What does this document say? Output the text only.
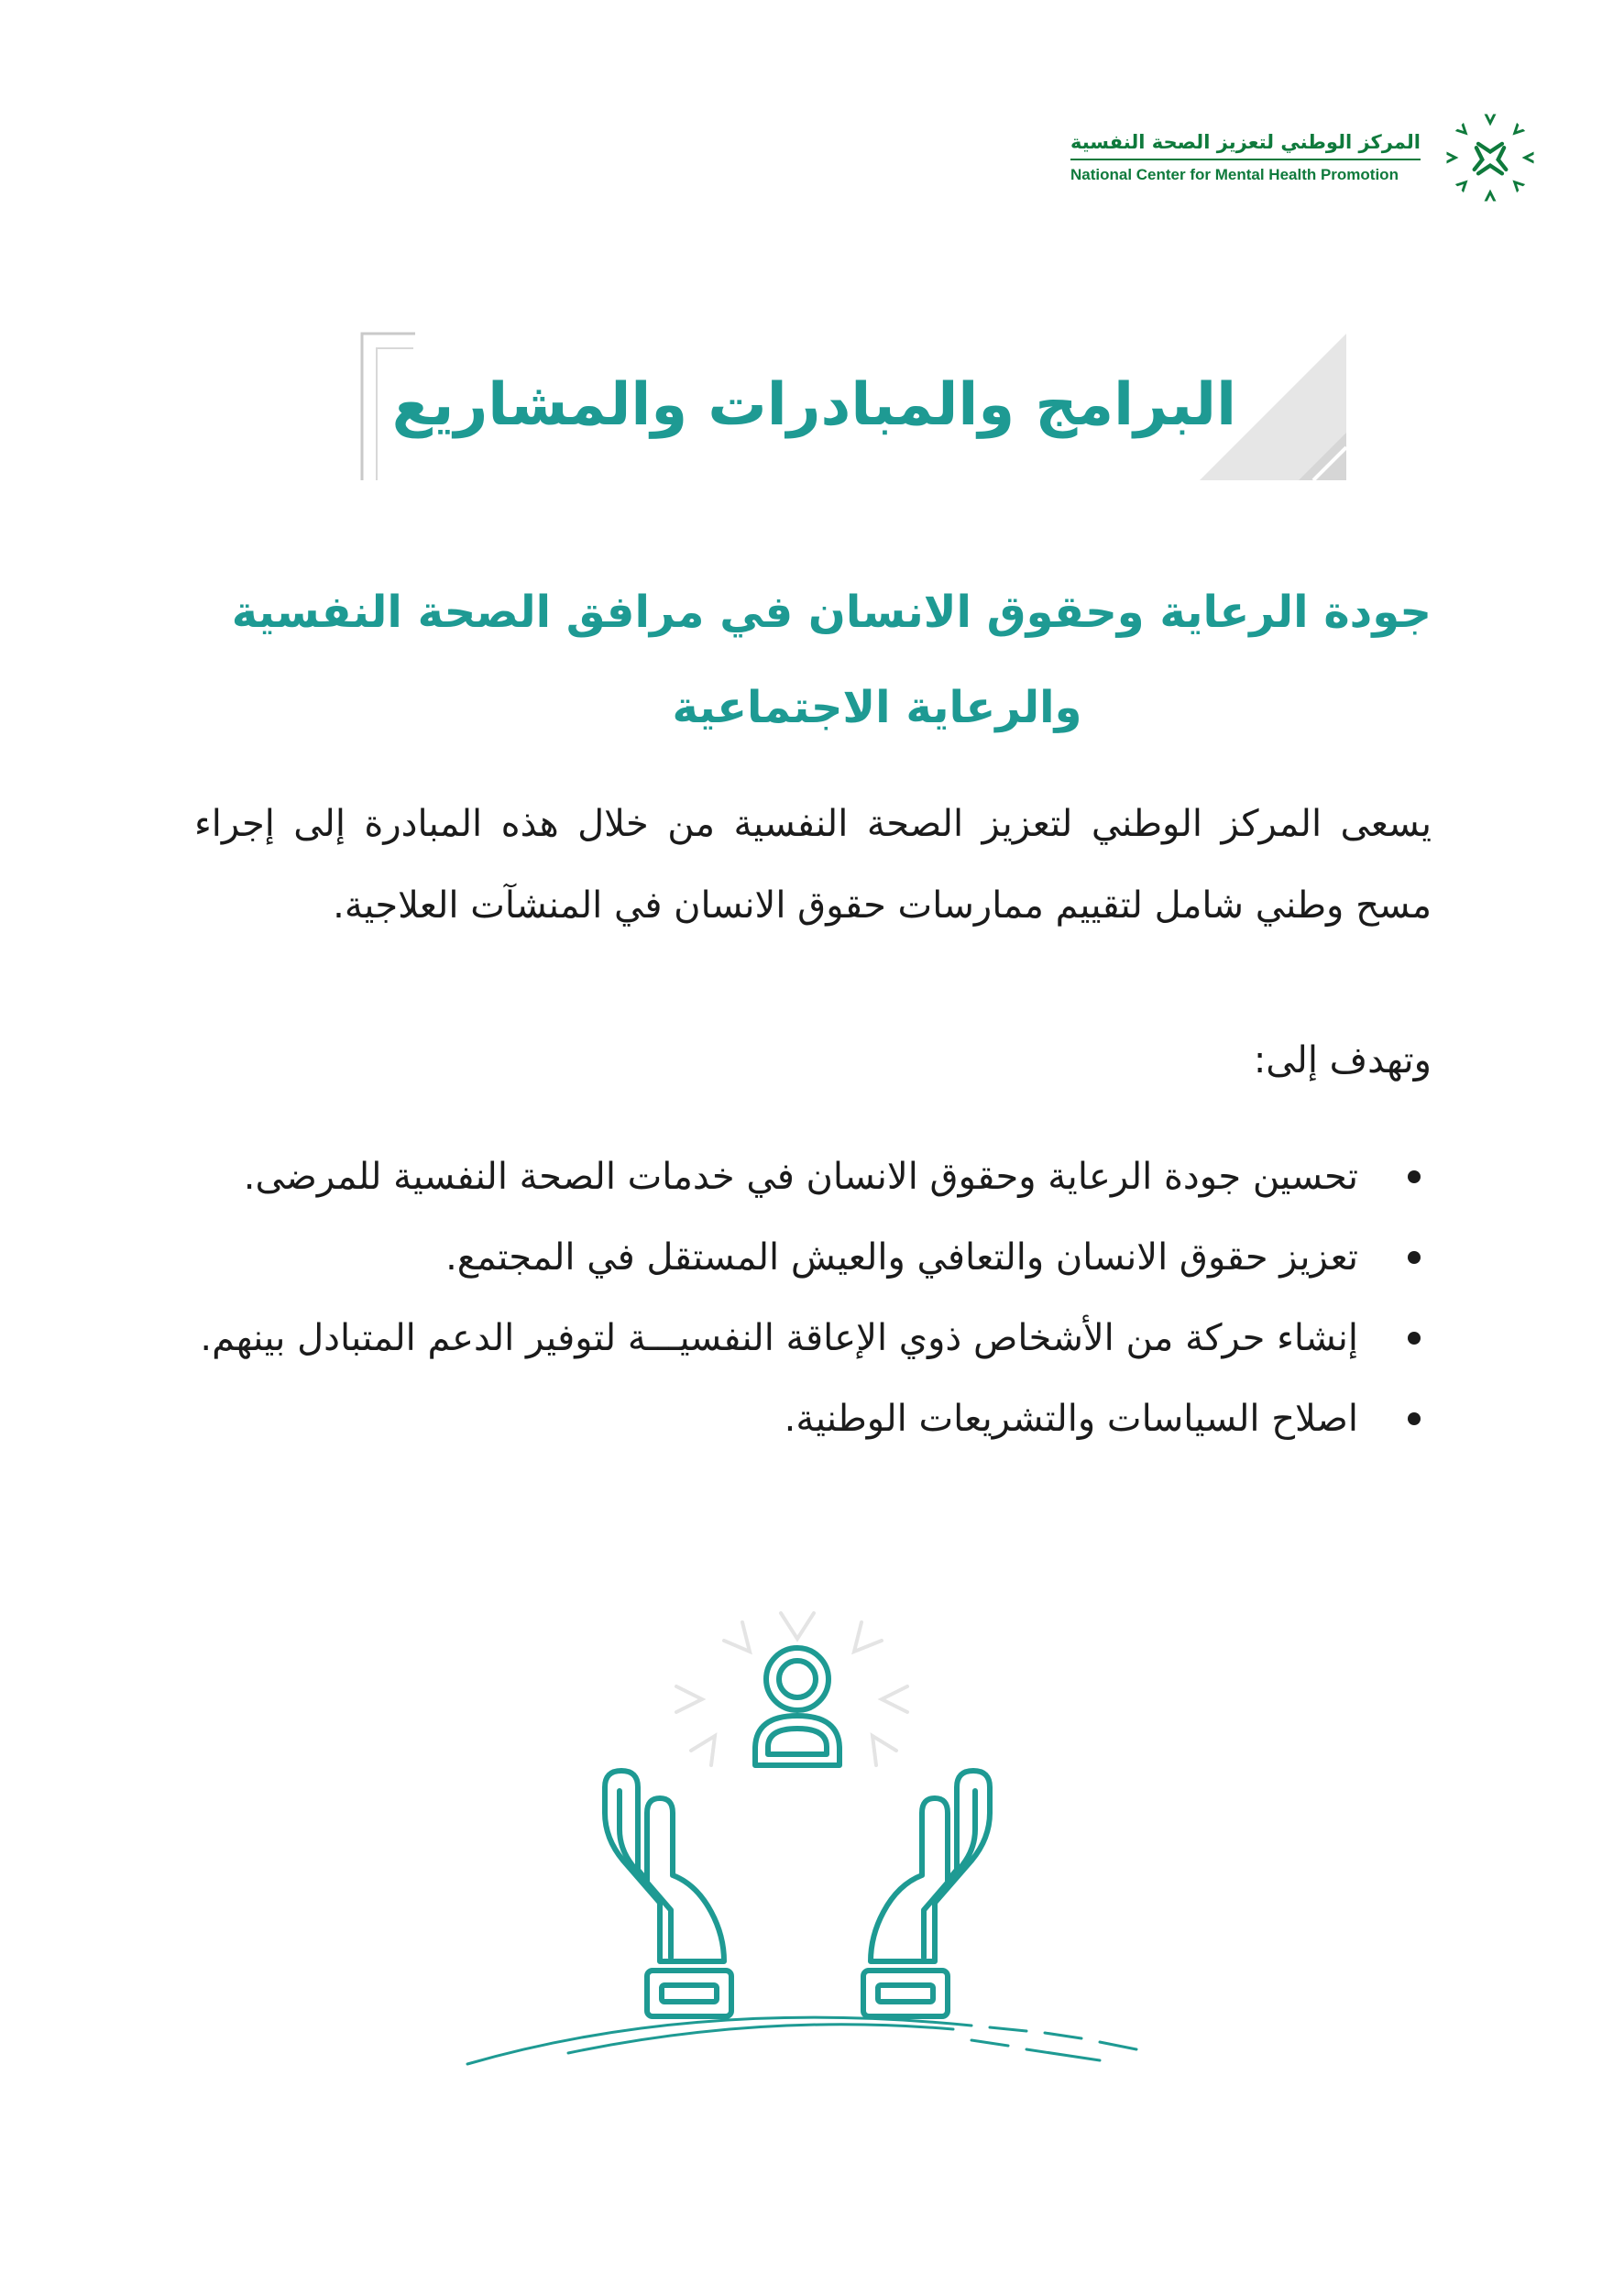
المركز الوطني لتعزيز الصحة النفسية
National Center for Mental Health Promotion
البرامج والمبادرات والمشاريع
جودة الرعاية وحقوق الانسان في مرافق الصحة النفسية
والرعاية الاجتماعية

يسعى المركز الوطني لتعزيز الصحة النفسية من خلال هذه المبادرة إلى إجراء مسح وطني شامل لتقييم ممارسات حقوق الانسان في المنشآت العلاجية.

وتهدف إلى:

تحسين جودة الرعاية وحقوق الانسان في خدمات الصحة النفسية للمرضى.
تعزيز حقوق الانسان والتعافي والعيش المستقل في المجتمع.
إنشاء حركة من الأشخاص ذوي الإعاقة النفسيـــة لتوفير الدعم المتبادل بينهم.
اصلاح السياسات والتشريعات الوطنية.
